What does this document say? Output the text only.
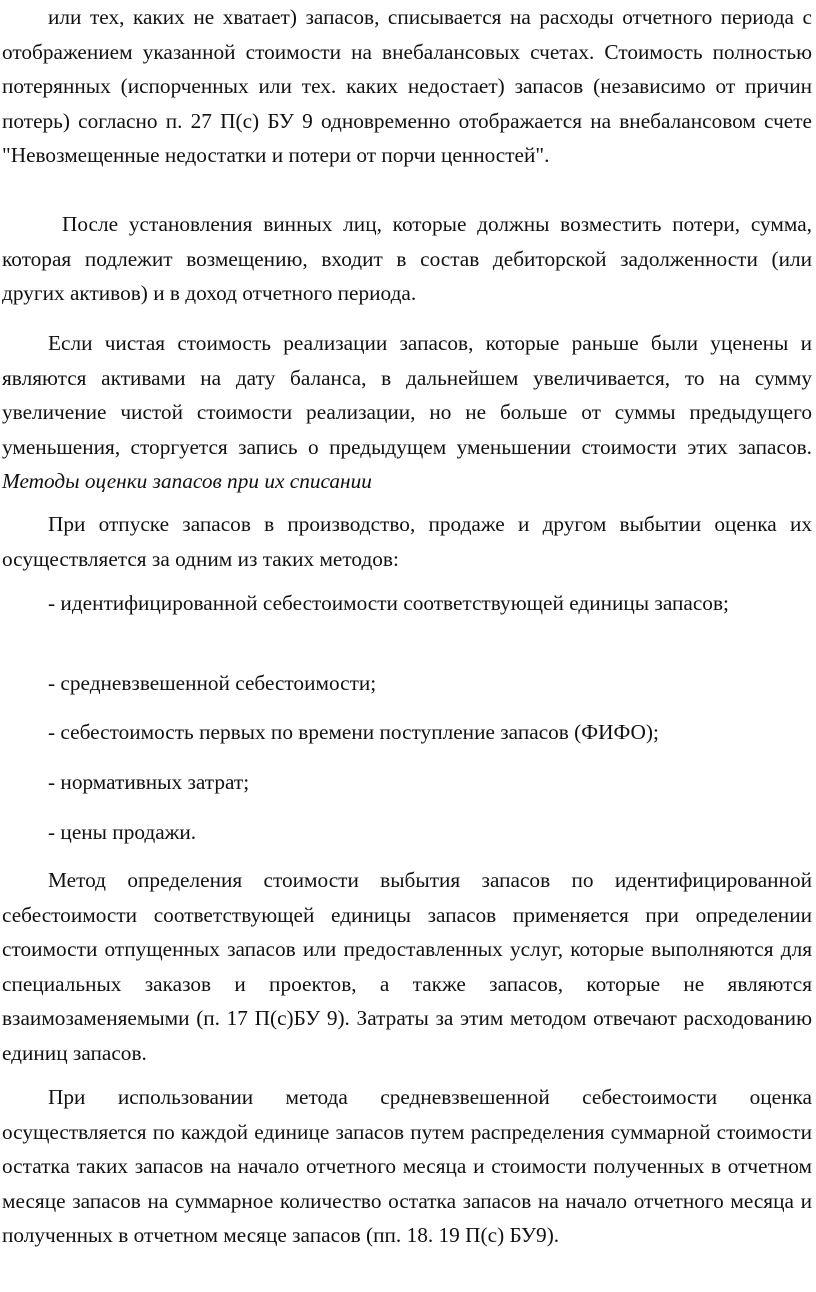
или тех, каких не хватает) запасов, списывается на расходы отчетного периода с отображением указанной стоимости на внебалансовых счетах. Стоимость полностью потерянных (испорченных или тех. каких недостает) запасов (независимо от причин потерь) согласно п. 27 П(с) БУ 9 одновременно отображается на внебалансовом счете "Невозмещенные недостатки и потери от порчи ценностей".

После установления винных лиц, которые должны возместить потери, сумма, которая подлежит возмещению, входит в состав дебиторской задолженности (или других активов) и в доход отчетного периода.

Если чистая стоимость реализации запасов, которые раньше были уценены и являются активами на дату баланса, в дальнейшем увеличивается, то на сумму увеличение чистой стоимости реализации, но не больше от суммы предыдущего уменьшения, сторгуется запись о предыдущем уменьшении стоимости этих запасов. Методы оценки запасов при их списании

При отпуске запасов в производство, продаже и другом выбытии оценка их осуществляется за одним из таких методов:

- идентифицированной себестоимости соответствующей единицы запасов;

- средневзвешенной себестоимости;

- себестоимость первых по времени поступление запасов (ФИФО);

- нормативных затрат;

- цены продажи.

Метод определения стоимости выбытия запасов по идентифицированной себестоимости соответствующей единицы запасов применяется при определении стоимости отпущенных запасов или предоставленных услуг, которые выполняются для специальных заказов и проектов, а также запасов, которые не являются взаимозаменяемыми (п. 17 П(с)БУ 9). Затраты за этим методом отвечают расходованию единиц запасов.

При использовании метода средневзвешенной себестоимости оценка осуществляется по каждой единице запасов путем распределения суммарной стоимости остатка таких запасов на начало отчетного месяца и стоимости полученных в отчетном месяце запасов на суммарное количество остатка запасов на начало отчетного месяца и полученных в отчетном месяце запасов (пп. 18. 19 П(с) БУ9).
